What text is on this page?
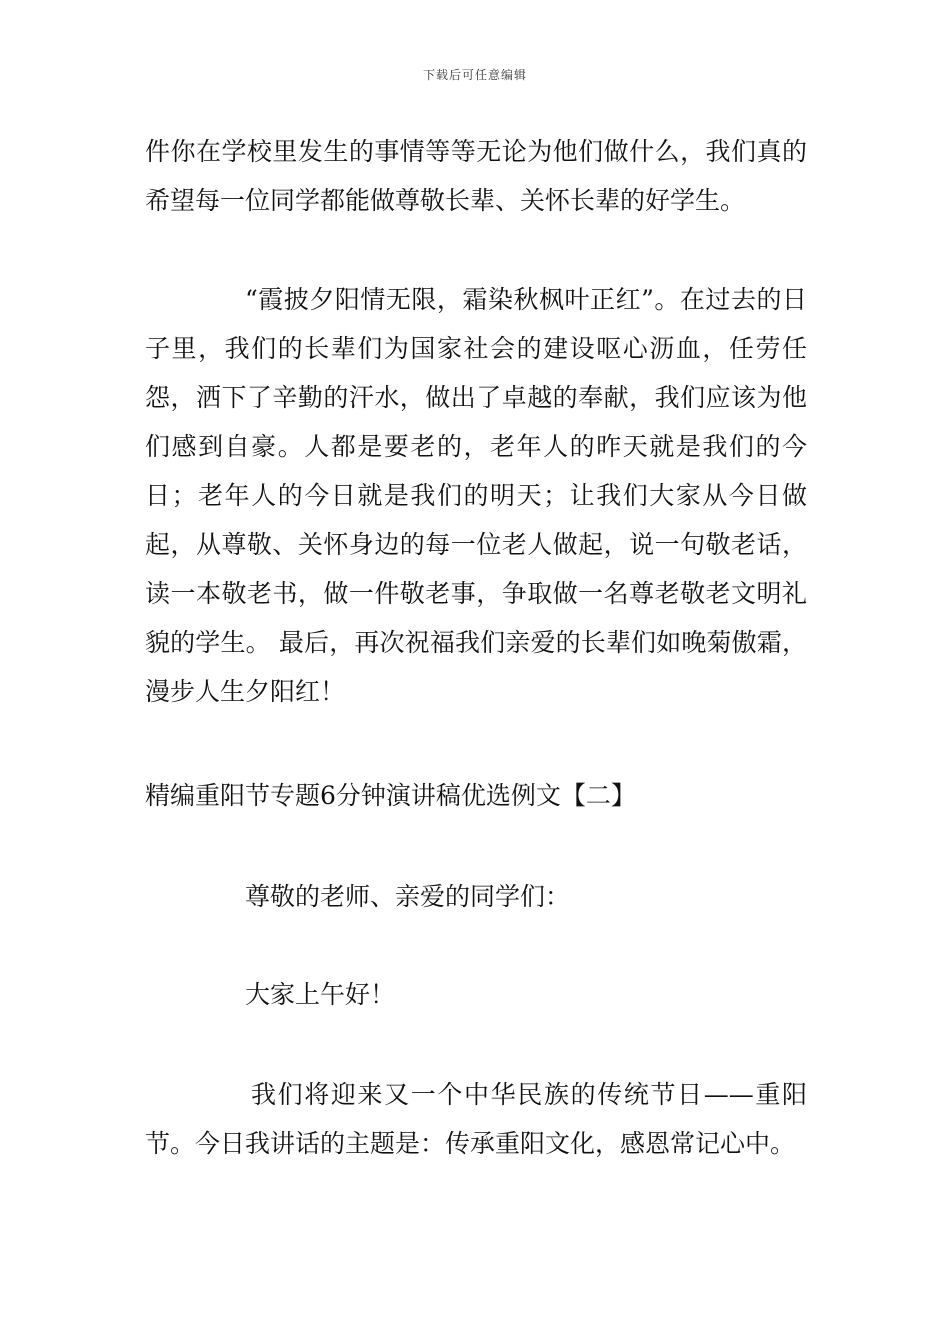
下载后可任意编辑

件你在学校里发生的事情等等无论为他们做什么，我们真的希望每一位同学都能做尊敬长辈、关怀长辈的好学生。

“霞披夕阳情无限，霜染秋枫叶正红”。在过去的日子里，我们的长辈们为国家社会的建设呕心沥血，任劳任怨，洒下了辛勤的汗水，做出了卓越的奉献，我们应该为他们感到自豪。人都是要老的，老年人的昨天就是我们的今日；老年人的今日就是我们的明天；让我们大家从今日做起，从尊敬、关怀身边的每一位老人做起，说一句敬老话，读一本敬老书，做一件敬老事，争取做一名尊老敬老文明礼貌的学生。 最后，再次祝福我们亲爱的长辈们如晚菊傲霜，漫步人生夕阳红！

精编重阳节专题6分钟演讲稿优选例文【二】

尊敬的老师、亲爱的同学们：

大家上午好！

我们将迎来又一个中华民族的传统节日——重阳节。今日我讲话的主题是：传承重阳文化，感恩常记心中。
